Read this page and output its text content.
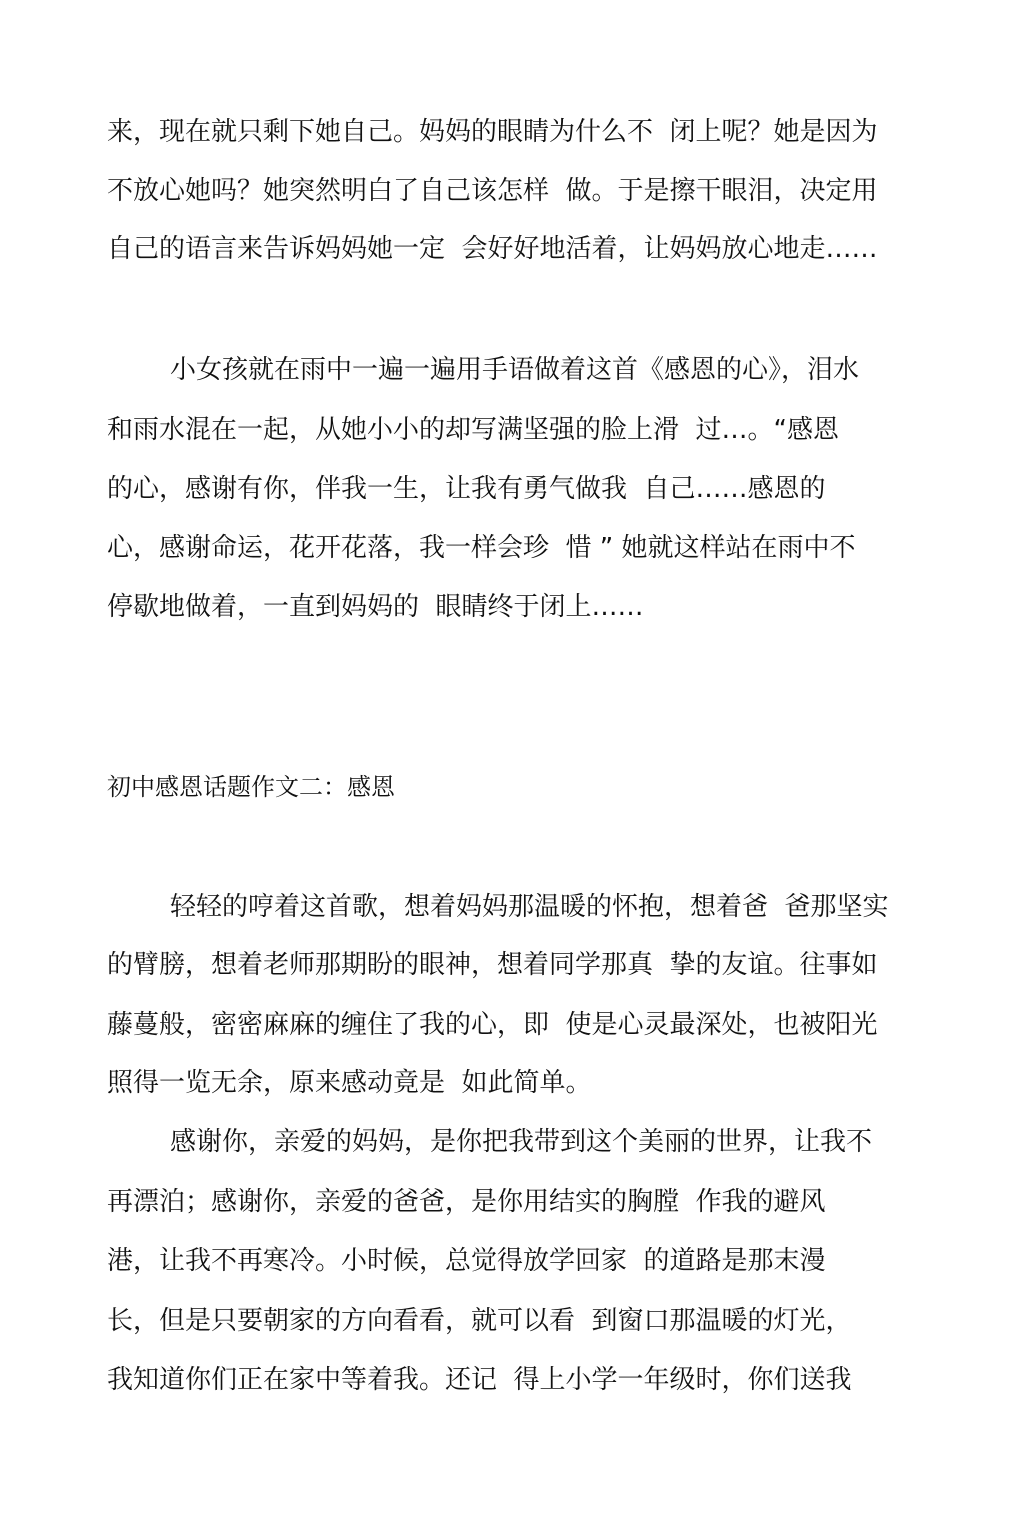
来，现在就只剩下她自己。妈妈的眼睛为什么不  闭上呢？她是因为
不放心她吗？她突然明白了自己该怎样  做。于是擦干眼泪，决定用
自己的语言来告诉妈妈她一定  会好好地活着，让妈妈放心地走……
小女孩就在雨中一遍一遍用手语做着这首《感恩的心》，泪水
和雨水混在一起，从她小小的却写满坚强的脸上滑  过…。“感恩
的心，感谢有你，伴我一生，让我有勇气做我  自己……感恩的
心，感谢命运，花开花落，我一样会珍  惜 ” 她就这样站在雨中不
停歇地做着，一直到妈妈的  眼睛终于闭上……
初中感恩话题作文二：感恩
轻轻的哼着这首歌，想着妈妈那温暖的怀抱，想着爸  爸那坚实
的臂膀，想着老师那期盼的眼神，想着同学那真  挚的友谊。往事如
藤蔓般，密密麻麻的缠住了我的心，即  使是心灵最深处，也被阳光
照得一览无余，原来感动竟是  如此简单。
感谢你，亲爱的妈妈，是你把我带到这个美丽的世界，让我不
再漂泊；感谢你，亲爱的爸爸，是你用结实的胸膛  作我的避风
港，让我不再寒冷。小时候，总觉得放学回家  的道路是那末漫
长，但是只要朝家的方向看看，就可以看  到窗口那温暖的灯光，
我知道你们正在家中等着我。还记  得上小学一年级时，你们送我
